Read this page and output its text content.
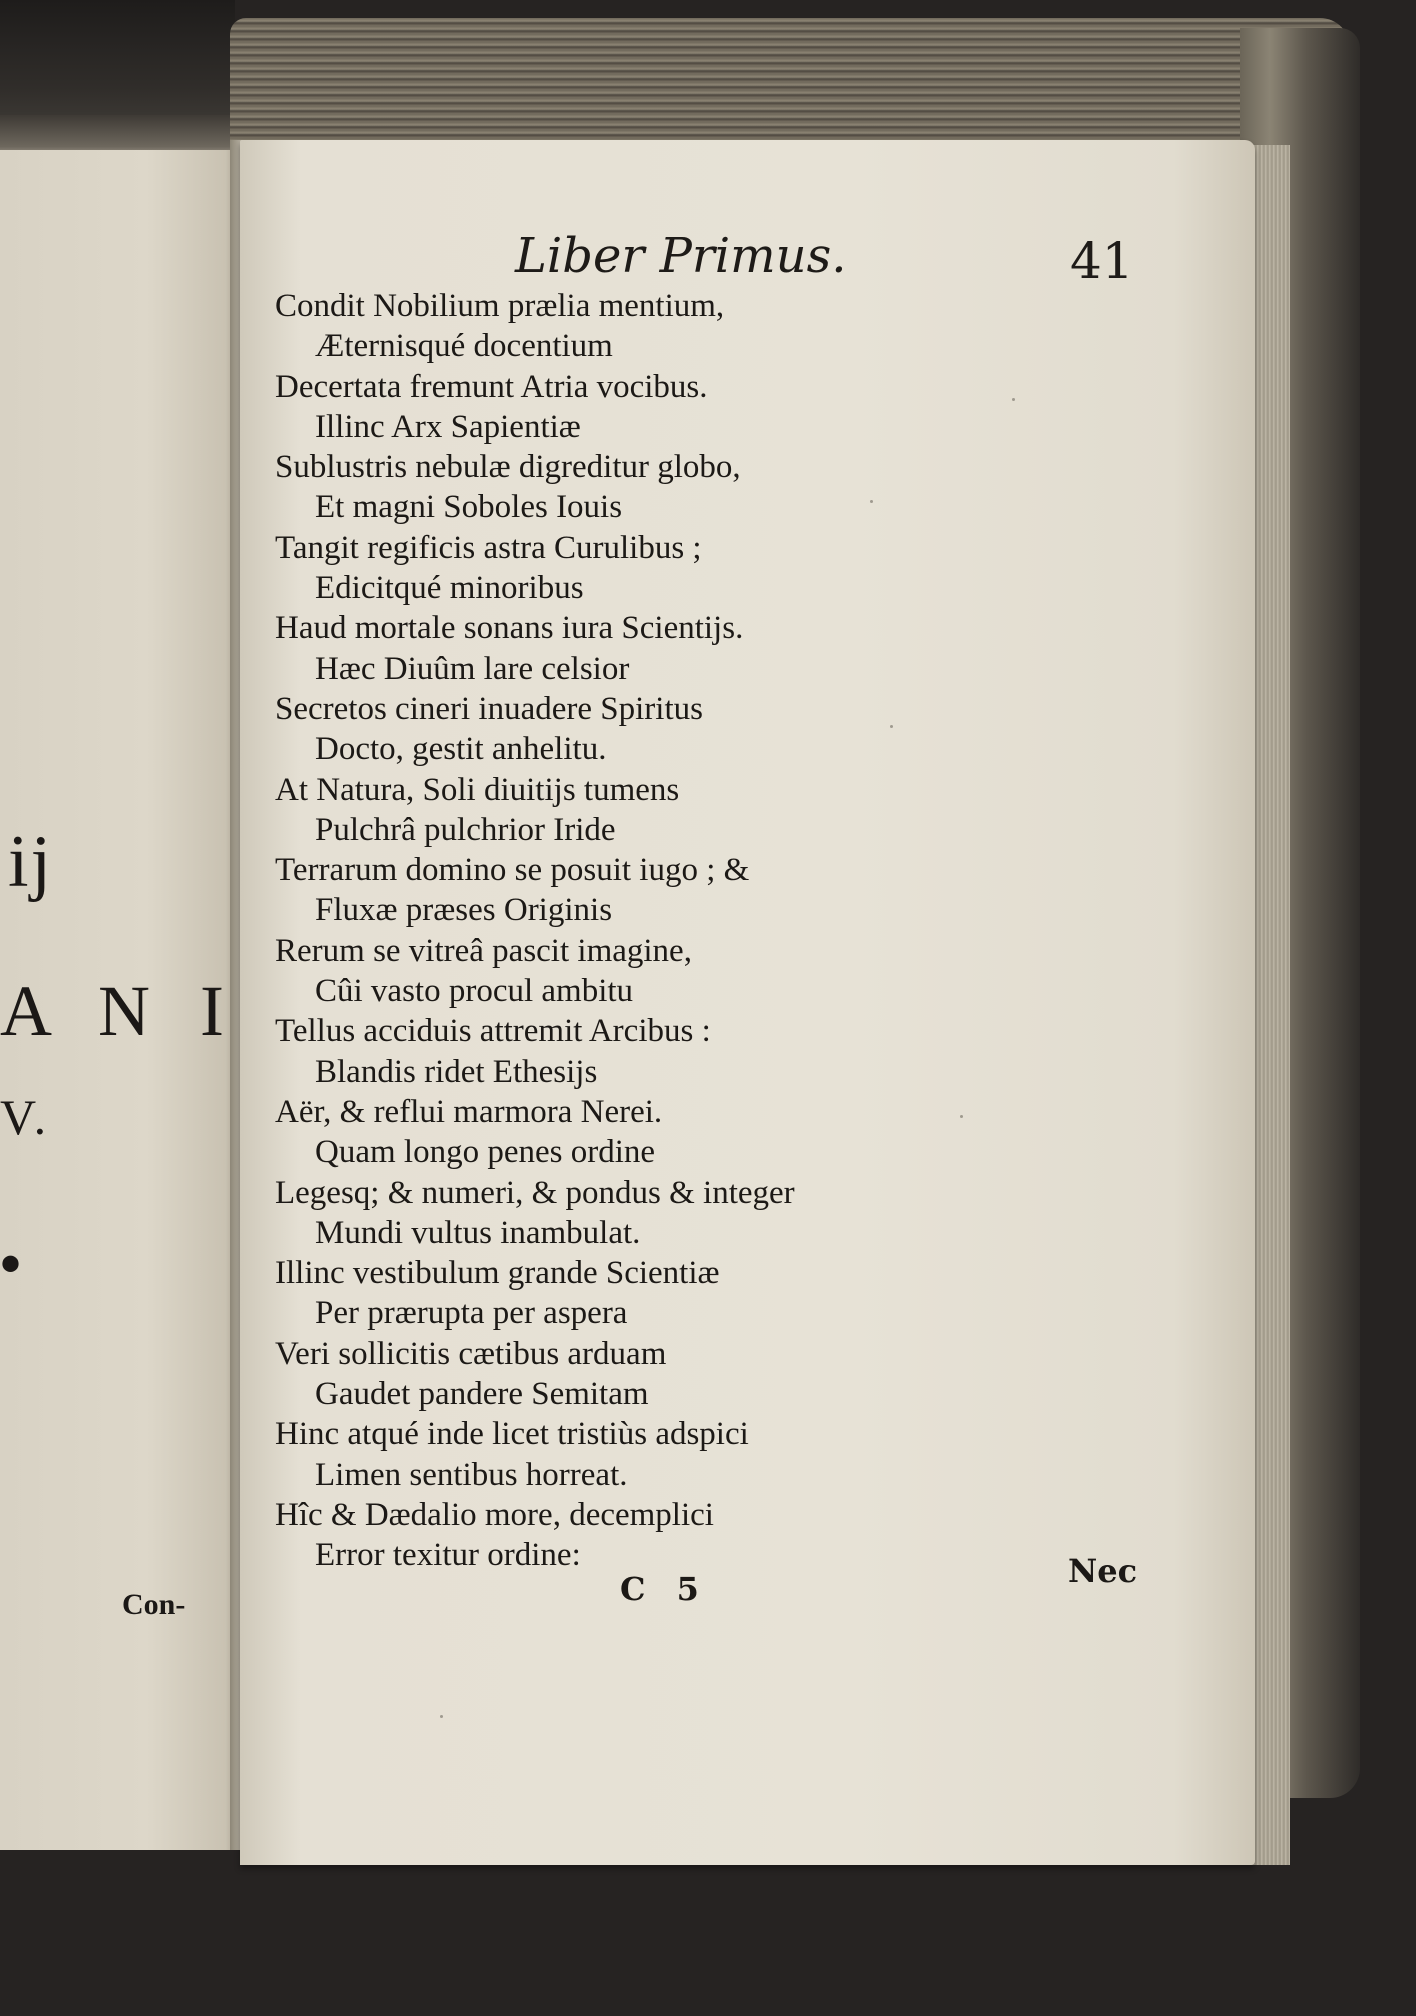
ij
A N I
V.
•
Con-
Liber Primus.	41
Condit Nobilium prælia mentium,
Æternisqué docentium
Decertata fremunt Atria vocibus.
Illinc Arx Sapientiæ
Sublustris nebulæ digreditur globo,
Et magni Soboles Iouis
Tangit regificis astra Curulibus ;
Edicitqué minoribus
Haud mortale sonans iura Scientijs.
Hæc Diuûm lare celsior
Secretos cineri inuadere Spiritus
Docto, gestit anhelitu.
At Natura, Soli diuitijs tumens
Pulchrâ pulchrior Iride
Terrarum domino se posuit iugo ; &
Fluxæ præses Originis
Rerum se vitreâ pascit imagine,
Cûi vasto procul ambitu
Tellus acciduis attremit Arcibus :
Blandis ridet Ethesijs
Aër, & reflui marmora Nerei.
Quam longo penes ordine
Legesq; & numeri, & pondus & integer
Mundi vultus inambulat.
Illinc vestibulum grande Scientiæ
Per prærupta per aspera
Veri sollicitis cætibus arduam
Gaudet pandere Semitam
Hinc atqué inde licet tristiùs adspici
Limen sentibus horreat.
Hîc & Dædalio more, decemplici
Error texitur ordine:
C 5	Nec
